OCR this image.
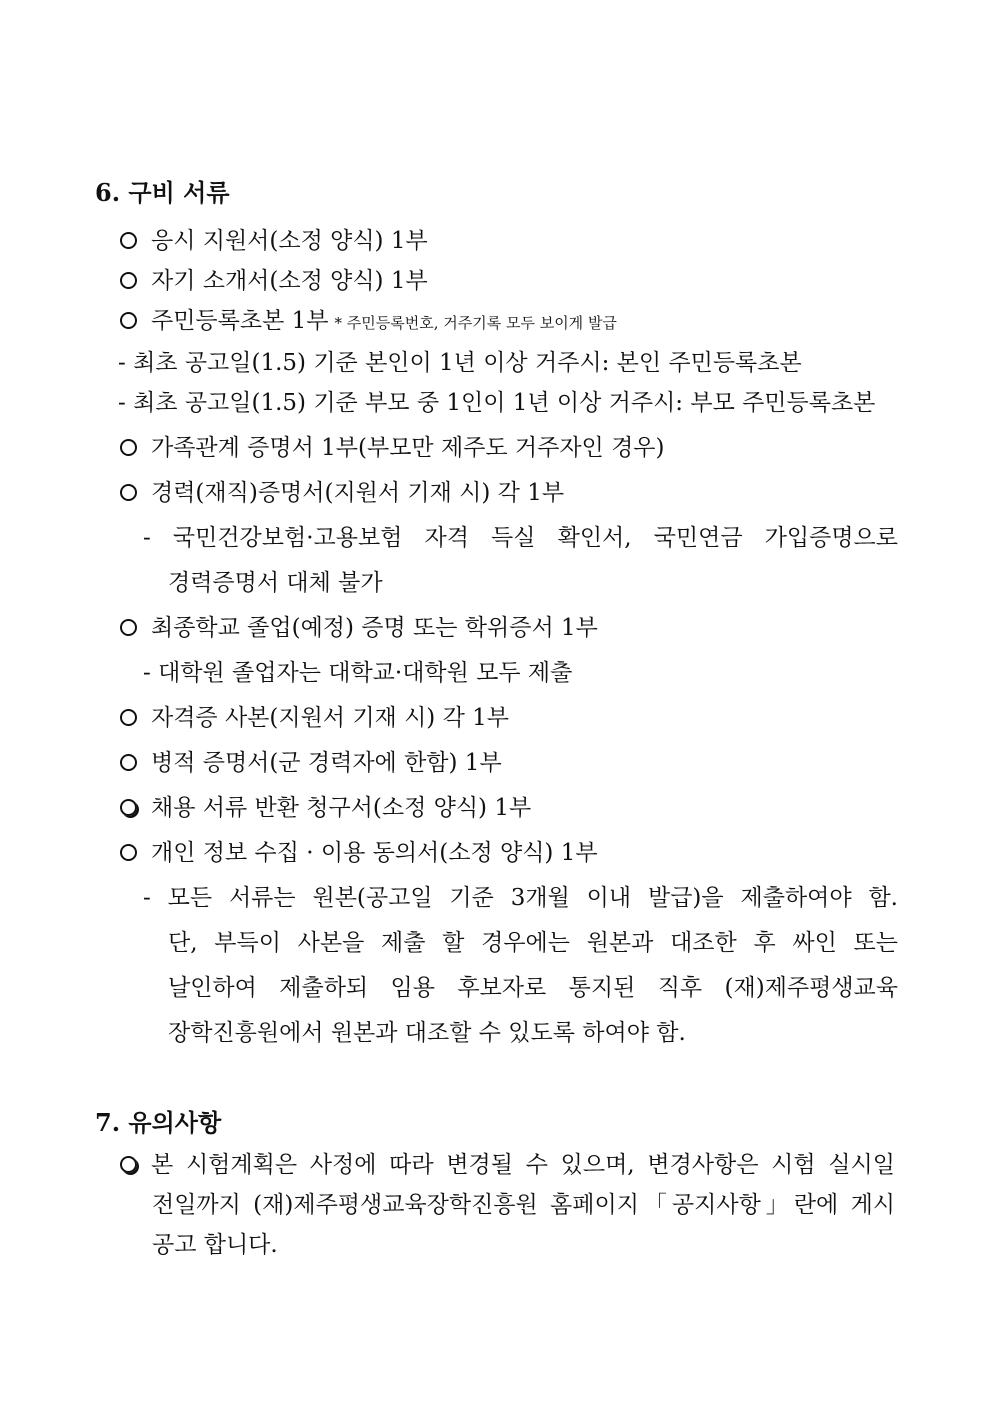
6. 구비 서류
응시 지원서(소정 양식) 1부
자기 소개서(소정 양식) 1부
주민등록초본 1부 * 주민등록번호, 거주기록 모두 보이게 발급
- 최초 공고일(1.5) 기준 본인이 1년 이상 거주시: 본인 주민등록초본
- 최초 공고일(1.5) 기준 부모 중 1인이 1년 이상 거주시: 부모 주민등록초본
가족관계 증명서 1부(부모만 제주도 거주자인 경우)
경력(재직)증명서(지원서 기재 시) 각 1부
- 국민건강보험·고용보험 자격 득실 확인서, 국민연금 가입증명으로
경력증명서 대체 불가
최종학교 졸업(예정) 증명 또는 학위증서 1부
- 대학원 졸업자는 대학교·대학원 모두 제출
자격증 사본(지원서 기재 시) 각 1부
병적 증명서(군 경력자에 한함) 1부
채용 서류 반환 청구서(소정 양식) 1부
개인 정보 수집 · 이용 동의서(소정 양식) 1부
- 모든 서류는 원본(공고일 기준 3개월 이내 발급)을 제출하여야 함.
단, 부득이 사본을 제출 할 경우에는 원본과 대조한 후 싸인 또는
날인하여 제출하되 임용 후보자로 통지된 직후 (재)제주평생교육
장학진흥원에서 원본과 대조할 수 있도록 하여야 함.
7. 유의사항
본 시험계획은 사정에 따라 변경될 수 있으며, 변경사항은 시험 실시일
전일까지 (재)제주평생교육장학진흥원 홈페이지「공지사항」란에 게시
공고 합니다.
